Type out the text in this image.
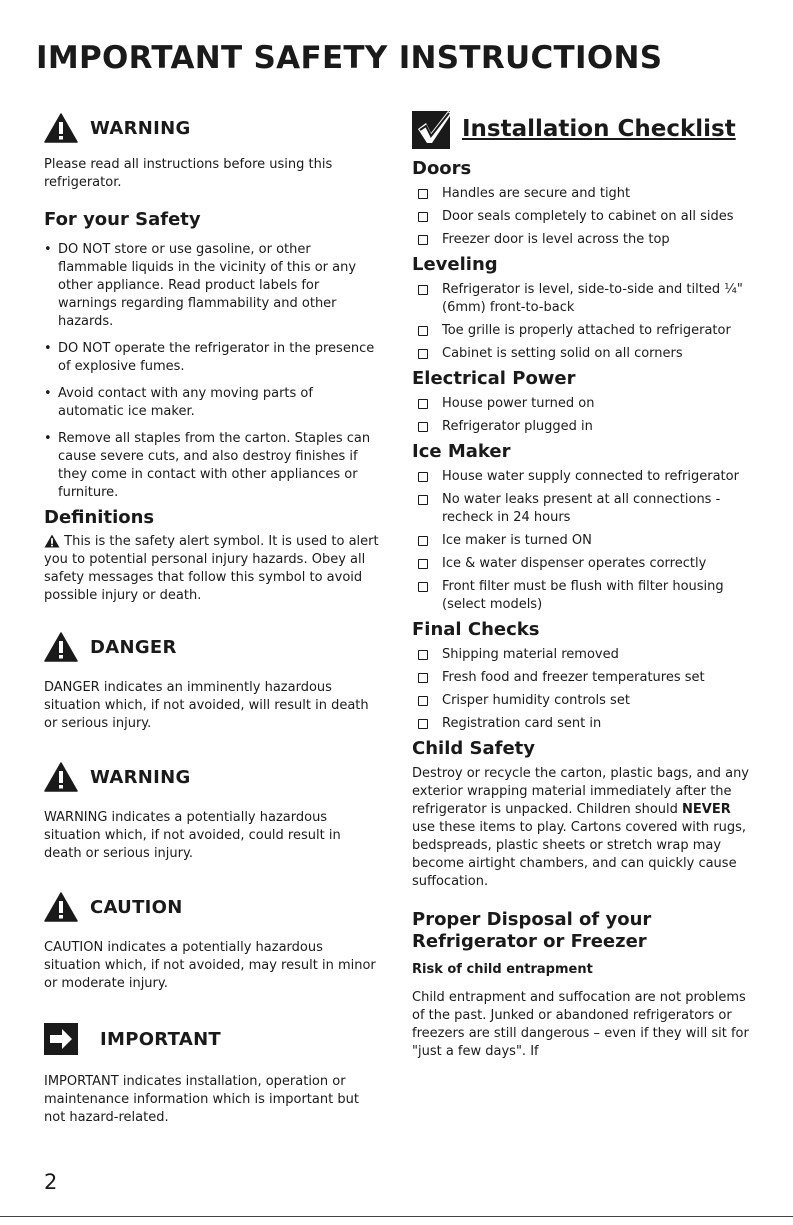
IMPORTANT SAFETY INSTRUCTIONS
WARNING

Please read all instructions before using this refrigerator.

For your Safety
• DO NOT store or use gasoline, or other flammable liquids in the vicinity of this or any other appliance. Read product labels for warnings regarding flammability and other hazards.
• DO NOT operate the refrigerator in the presence of explosive fumes.
• Avoid contact with any moving parts of automatic ice maker.
• Remove all staples from the carton. Staples can cause severe cuts, and also destroy finishes if they come in contact with other appliances or furniture.
Definitions

This is the safety alert symbol. It is used to alert you to potential personal injury hazards. Obey all safety messages that follow this symbol to avoid possible injury or death.

DANGER

DANGER indicates an imminently hazardous situation which, if not avoided, will result in death or serious injury.

WARNING

WARNING indicates a potentially hazardous situation which, if not avoided, could result in death or serious injury.

CAUTION

CAUTION indicates a potentially hazardous situation which, if not avoided, may result in minor or moderate injury.

IMPORTANT

IMPORTANT indicates installation, operation or maintenance information which is important but not hazard-related.

Installation Checklist
Doors
Handles are secure and tight
Door seals completely to cabinet on all sides
Freezer door is level across the top
Leveling
Refrigerator is level, side-to-side and tilted ¼" (6mm) front-to-back
Toe grille is properly attached to refrigerator
Cabinet is setting solid on all corners
Electrical Power
House power turned on
Refrigerator plugged in
Ice Maker
House water supply connected to refrigerator
No water leaks present at all connections - recheck in 24 hours
Ice maker is turned ON
Ice & water dispenser operates correctly
Front filter must be flush with filter housing (select models)
Final Checks
Shipping material removed
Fresh food and freezer temperatures set
Crisper humidity controls set
Registration card sent in
Child Safety

Destroy or recycle the carton, plastic bags, and any exterior wrapping material immediately after the refrigerator is unpacked. Children should NEVER use these items to play. Cartons covered with rugs, bedspreads, plastic sheets or stretch wrap may become airtight chambers, and can quickly cause suffocation.

Proper Disposal of your Refrigerator or Freezer
Risk of child entrapment

Child entrapment and suffocation are not problems of the past. Junked or abandoned refrigerators or freezers are still dangerous – even if they will sit for "just a few days". If

2
